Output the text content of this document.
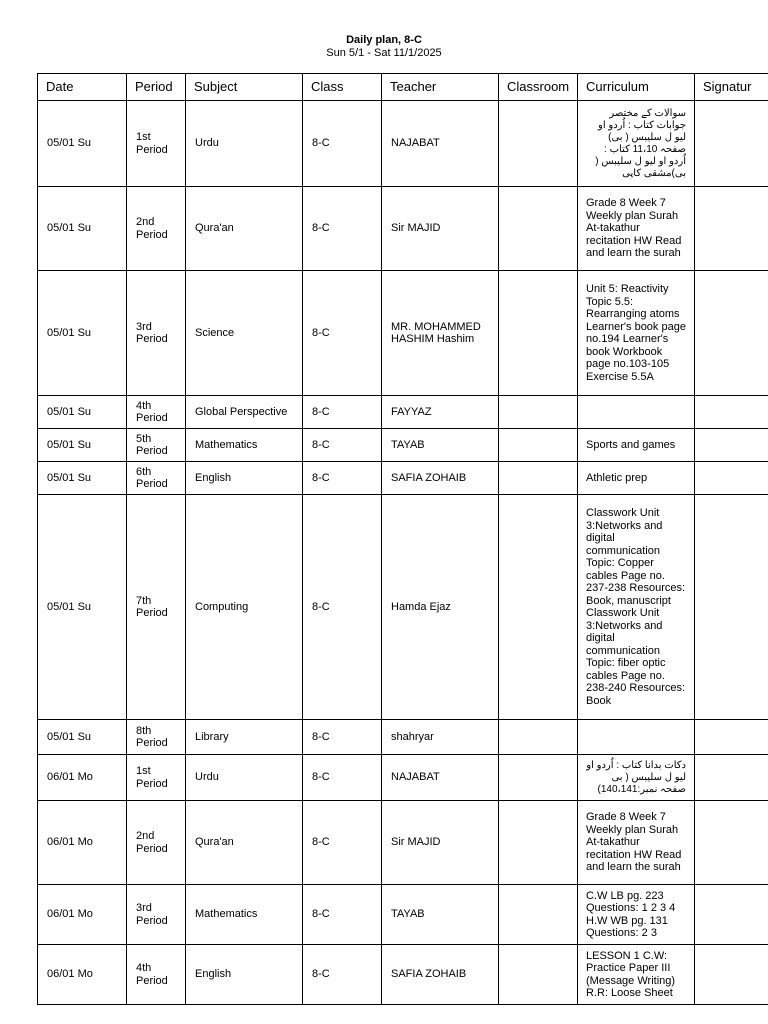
Daily plan, 8-C
Sun 5/1 - Sat 11/1/2025
Date	Period	Subject	Class	Teacher	Classroom	Curriculum	Signatur
05/01 Su	1st Period	Urdu	8-C	NAJABAT		سوالات کے مختصر جوابات کتاب : اُردو او لیو ل سلیبس ( بی) صفحہ 11،10 کتاب : اُردو او لیو ل سلیبس ( بی)مشقی کاپی	
05/01 Su	2nd Period	Qura'an	8-C	Sir MAJID		Grade 8 Week 7 Weekly plan Surah At-takathur recitation HW Read and learn the surah	
05/01 Su	3rd Period	Science	8-C	MR. MOHAMMED HASHIM Hashim		Unit 5: Reactivity Topic 5.5: Rearranging atoms Learner's book page no.194 Learner's book Workbook page no.103-105 Exercise 5.5A	
05/01 Su	4th Period	Global Perspective	8-C	FAYYAZ			
05/01 Su	5th Period	Mathematics	8-C	TAYAB		Sports and games	
05/01 Su	6th Period	English	8-C	SAFIA ZOHAIB		Athletic prep	
05/01 Su	7th Period	Computing	8-C	Hamda Ejaz		Classwork Unit 3:Networks and digital communication Topic: Copper cables Page no. 237-238 Resources: Book, manuscript Classwork Unit 3:Networks and digital communication Topic: fiber optic cables Page no. 238-240 Resources: Book	
05/01 Su	8th Period	Library	8-C	shahryar			
06/01 Mo	1st Period	Urdu	8-C	NAJABAT		دکات بدانا کتاب : اُردو او لیو ل سلیبس ( بی صفحہ نمبر:140،141)	
06/01 Mo	2nd Period	Qura'an	8-C	Sir MAJID		Grade 8 Week 7 Weekly plan Surah At-takathur recitation HW Read and learn the surah	
06/01 Mo	3rd Period	Mathematics	8-C	TAYAB		C.W LB pg. 223 Questions: 1 2 3 4 H.W WB pg. 131 Questions: 2 3	
06/01 Mo	4th Period	English	8-C	SAFIA ZOHAIB		LESSON 1 C.W: Practice Paper III (Message Writing) R.R: Loose Sheet	
